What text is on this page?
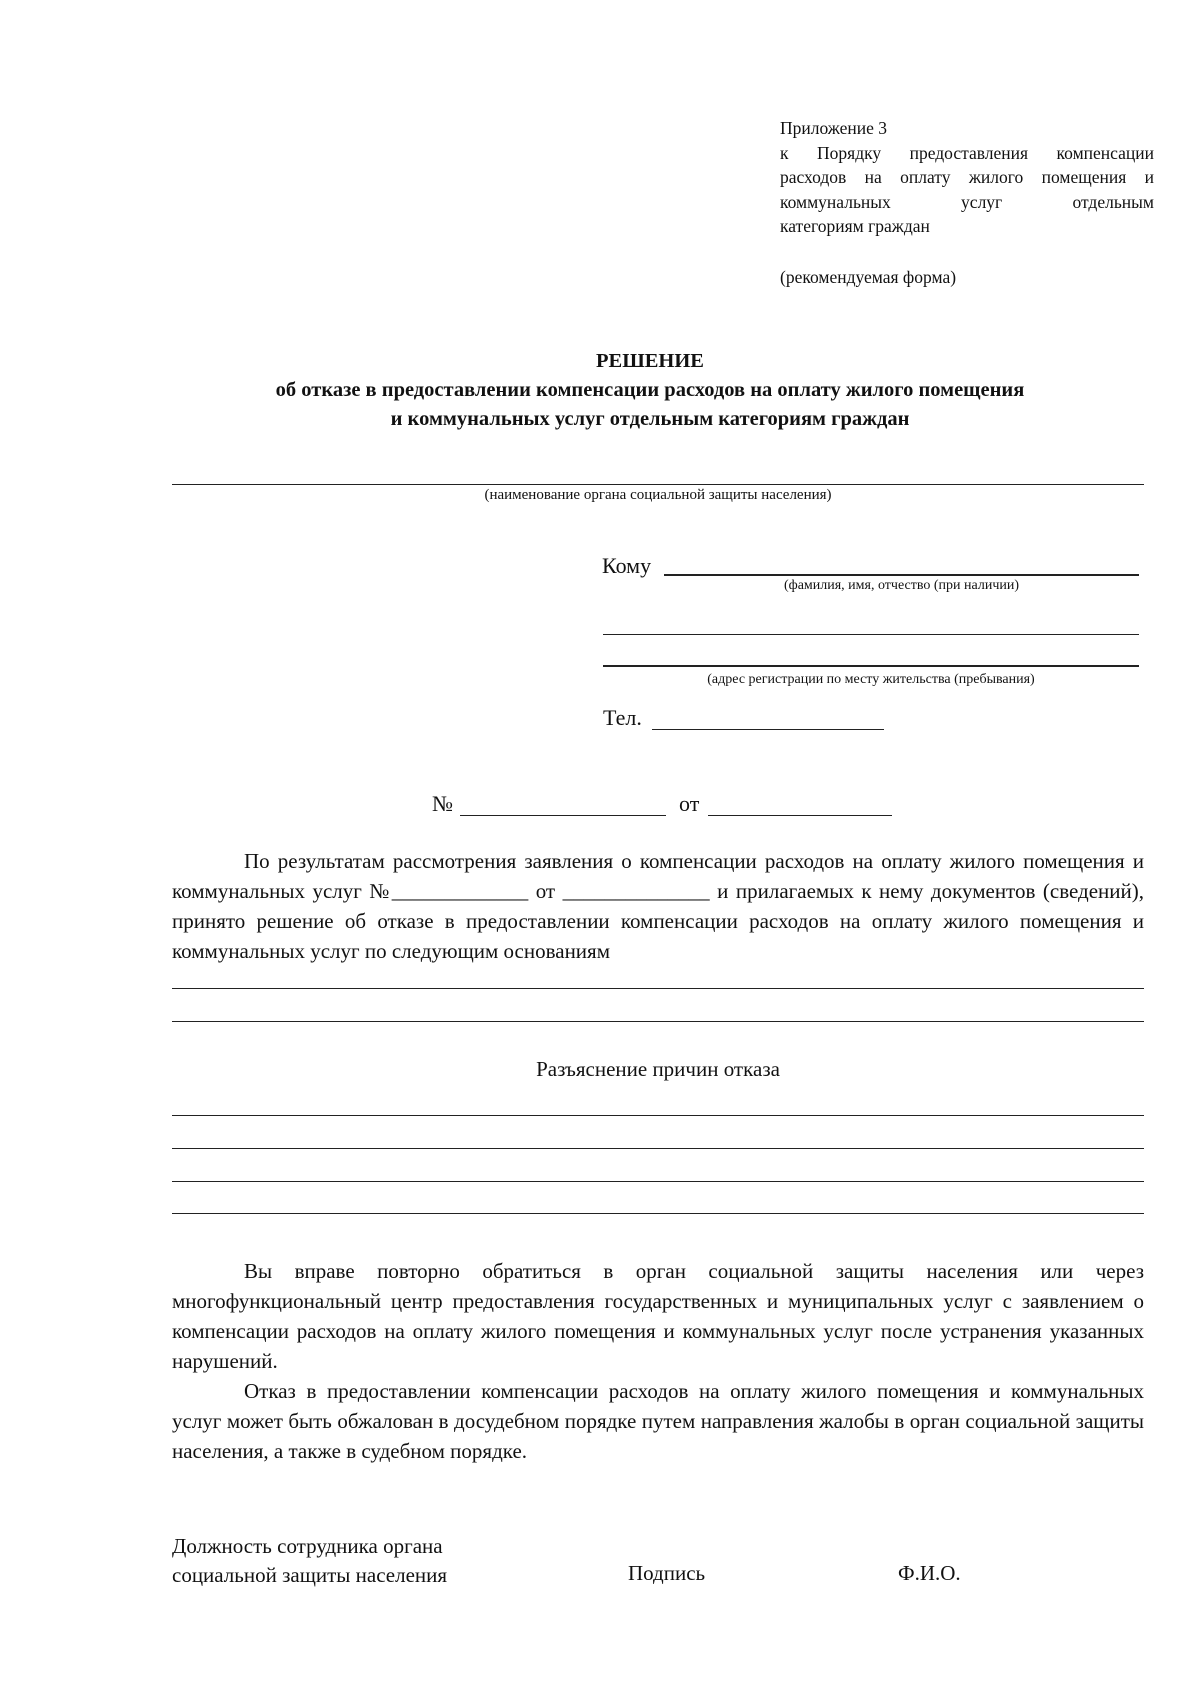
Приложение 3
к Порядку предоставления компенсации
расходов на оплату жилого помещения и
коммунальных услуг отдельным
категориям граждан
(рекомендуемая форма)
РЕШЕНИЕ
об отказе в предоставлении компенсации расходов на оплату жилого помещения
и коммунальных услуг отдельным категориям граждан
(наименование органа социальной защиты населения)
Кому
(фамилия, имя, отчество (при наличии)
(адрес регистрации по месту жительства (пребывания)
Тел.
№	от

По результатам рассмотрения заявления о компенсации расходов на оплату жилого помещения и коммунальных услуг №_____________ от ______________ и прилагаемых к нему документов (сведений), принято решение об отказе в предоставлении компенсации расходов на оплату жилого помещения и коммунальных услуг по следующим основаниям

Разъяснение причин отказа

Вы вправе повторно обратиться в орган социальной защиты населения или через многофункциональный центр предоставления государственных и муниципальных услуг с заявлением о компенсации расходов на оплату жилого помещения и коммунальных услуг после устранения указанных нарушений.

Отказ в предоставлении компенсации расходов на оплату жилого помещения и коммунальных услуг может быть обжалован в досудебном порядке путем направления жалобы в орган социальной защиты населения, а также в судебном порядке.

Должность сотрудника органа
социальной защиты населения	Подпись	Ф.И.О.
